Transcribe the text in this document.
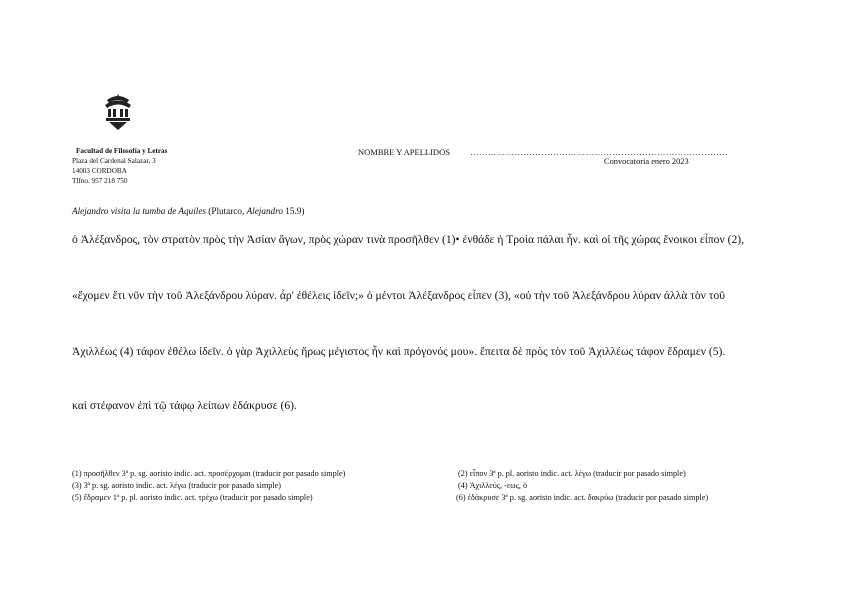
Facultad de Filosofía y Letras
Plaza del Cardenal Salazar, 3
14003 CORDOBA
Tlfno. 957 218 750
NOMBRE Y APELLIDOS ……………………………………………………………………………
Convocatoria enero 2023
Alejandro visita la tumba de Aquiles (Plutarco, Alejandro 15.9)
ὁ Ἀλέξανδρος, τὸν στρατὸν πρὸς τὴν Ἀσίαν ἄγων, πρὸς χώραν τινὰ προσῆλθεν (1)• ἐνθάδε ἡ Τροία πάλαι ἦν. καὶ οἱ τῆς χώρας ἔνοικοι εἶπον (2),
«ἔχομεν ἔτι νῦν τὴν τοῦ Ἀλεξάνδρου λύραν. ἆρ' ἐθέλεις ἰδεῖν;» ὁ μέντοι Ἀλέξανδρος εἶπεν (3), «οὐ τὴν τοῦ Ἀλεξάνδρου λύραν ἀλλὰ τὸν τοῦ
Ἀχιλλέως (4) τάφον ἐθέλω ἰδεῖν. ὁ γὰρ Ἀχιλλεὺς ἥρως μέγιστος ἦν καὶ πρόγονός μου». ἔπειτα δὲ πρὸς τὸν τοῦ Ἀχιλλέως τάφον ἔδραμεν (5).
καὶ στέφανον ἐπὶ τῷ τάφῳ λείπων ἐδάκρυσε (6).
(1) προσῆλθεν 3ª p. sg. aoristo indic. act. προσέρχομαι (traducir por pasado simple)	(2) εἶπον 3ª p. pl. aoristo indic. act. λέγω (traducir por pasado simple)
(3) 3ª p. sg. aoristo indic. act. λέγω (traducir por pasado simple)	(4) Ἀχιλλεύς, -εως, ὁ
(5) ἔδραμεν 1ª p. pl. aoristo indic. act. τρέχω (traducir por pasado simple)	(6) ἐδάκρυσε 3ª p. sg. aoristo indic. act. δακρύω (traducir por pasado simple)
